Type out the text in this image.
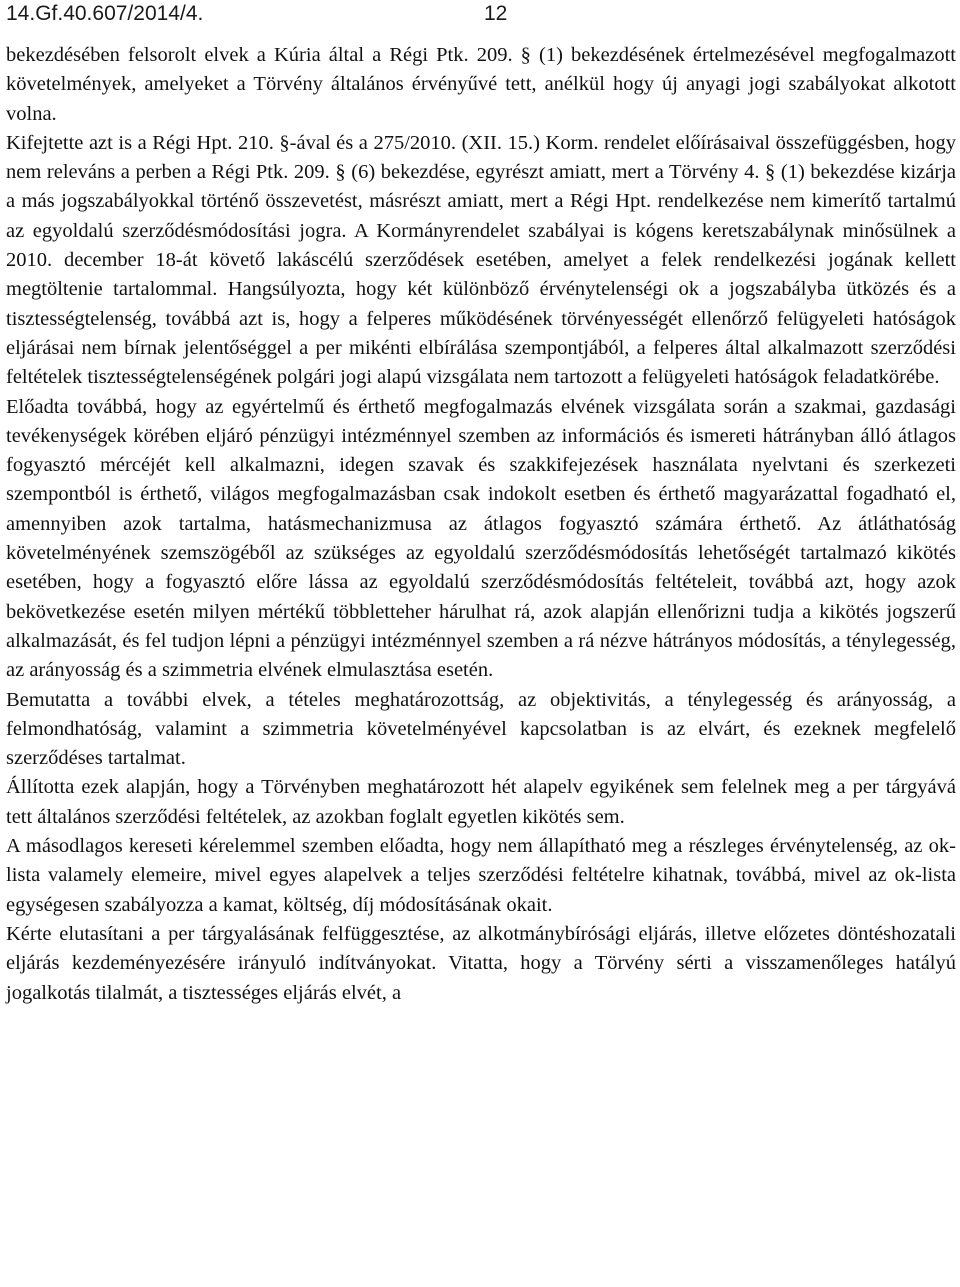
14.Gf.40.607/2014/4.	12

bekezdésében felsorolt elvek a Kúria által a Régi Ptk. 209. § (1) bekezdésének értelmezésével megfogalmazott követelmények, amelyeket a Törvény általános érvényűvé tett, anélkül hogy új anyagi jogi szabályokat alkotott volna.

Kifejtette azt is a Régi Hpt. 210. §-ával és a 275/2010. (XII. 15.) Korm. rendelet előírásaival összefüggésben, hogy nem releváns a perben a Régi Ptk. 209. § (6) bekezdése, egyrészt amiatt, mert a Törvény 4. § (1) bekezdése kizárja a más jogszabályokkal történő összevetést, másrészt amiatt, mert a Régi Hpt. rendelkezése nem kimerítő tartalmú az egyoldalú szerződésmódosítási jogra. A Kormányrendelet szabályai is kógens keretszabálynak minősülnek a 2010. december 18-át követő lakáscélú szerződések esetében, amelyet a felek rendelkezési jogának kellett megtöltenie tartalommal. Hangsúlyozta, hogy két különböző érvénytelenségi ok a jogszabályba ütközés és a tisztességtelenség, továbbá azt is, hogy a felperes működésének törvényességét ellenőrző felügyeleti hatóságok eljárásai nem bírnak jelentőséggel a per mikénti elbírálása szempontjából, a felperes által alkalmazott szerződési feltételek tisztességtelenségének polgári jogi alapú vizsgálata nem tartozott a felügyeleti hatóságok feladatkörébe.

Előadta továbbá, hogy az egyértelmű és érthető megfogalmazás elvének vizsgálata során a szakmai, gazdasági tevékenységek körében eljáró pénzügyi intézménnyel szemben az információs és ismereti hátrányban álló átlagos fogyasztó mércéjét kell alkalmazni, idegen szavak és szakkifejezések használata nyelvtani és szerkezeti szempontból is érthető, világos megfogalmazásban csak indokolt esetben és érthető magyarázattal fogadható el, amennyiben azok tartalma, hatásmechanizmusa az átlagos fogyasztó számára érthető. Az átláthatóság követelményének szemszögéből az szükséges az egyoldalú szerződésmódosítás lehetőségét tartalmazó kikötés esetében, hogy a fogyasztó előre lássa az egyoldalú szerződésmódosítás feltételeit, továbbá azt, hogy azok bekövetkezése esetén milyen mértékű többletteher hárulhat rá, azok alapján ellenőrizni tudja a kikötés jogszerű alkalmazását, és fel tudjon lépni a pénzügyi intézménnyel szemben a rá nézve hátrányos módosítás, a ténylegesség, az arányosság és a szimmetria elvének elmulasztása esetén.

Bemutatta a további elvek, a tételes meghatározottság, az objektivitás, a ténylegesség és arányosság, a felmondhatóság, valamint a szimmetria követelményével kapcsolatban is az elvárt, és ezeknek megfelelő szerződéses tartalmat.

Állította ezek alapján, hogy a Törvényben meghatározott hét alapelv egyikének sem felelnek meg a per tárgyává tett általános szerződési feltételek, az azokban foglalt egyetlen kikötés sem.

A másodlagos kereseti kérelemmel szemben előadta, hogy nem állapítható meg a részleges érvénytelenség, az ok-lista valamely elemeire, mivel egyes alapelvek a teljes szerződési feltételre kihatnak, továbbá, mivel az ok-lista egységesen szabályozza a kamat, költség, díj módosításának okait.

Kérte elutasítani a per tárgyalásának felfüggesztése, az alkotmánybírósági eljárás, illetve előzetes döntéshozatali eljárás kezdeményezésére irányuló indítványokat. Vitatta, hogy a Törvény sérti a visszamenőleges hatályú jogalkotás tilalmát, a tisztességes eljárás elvét, a
